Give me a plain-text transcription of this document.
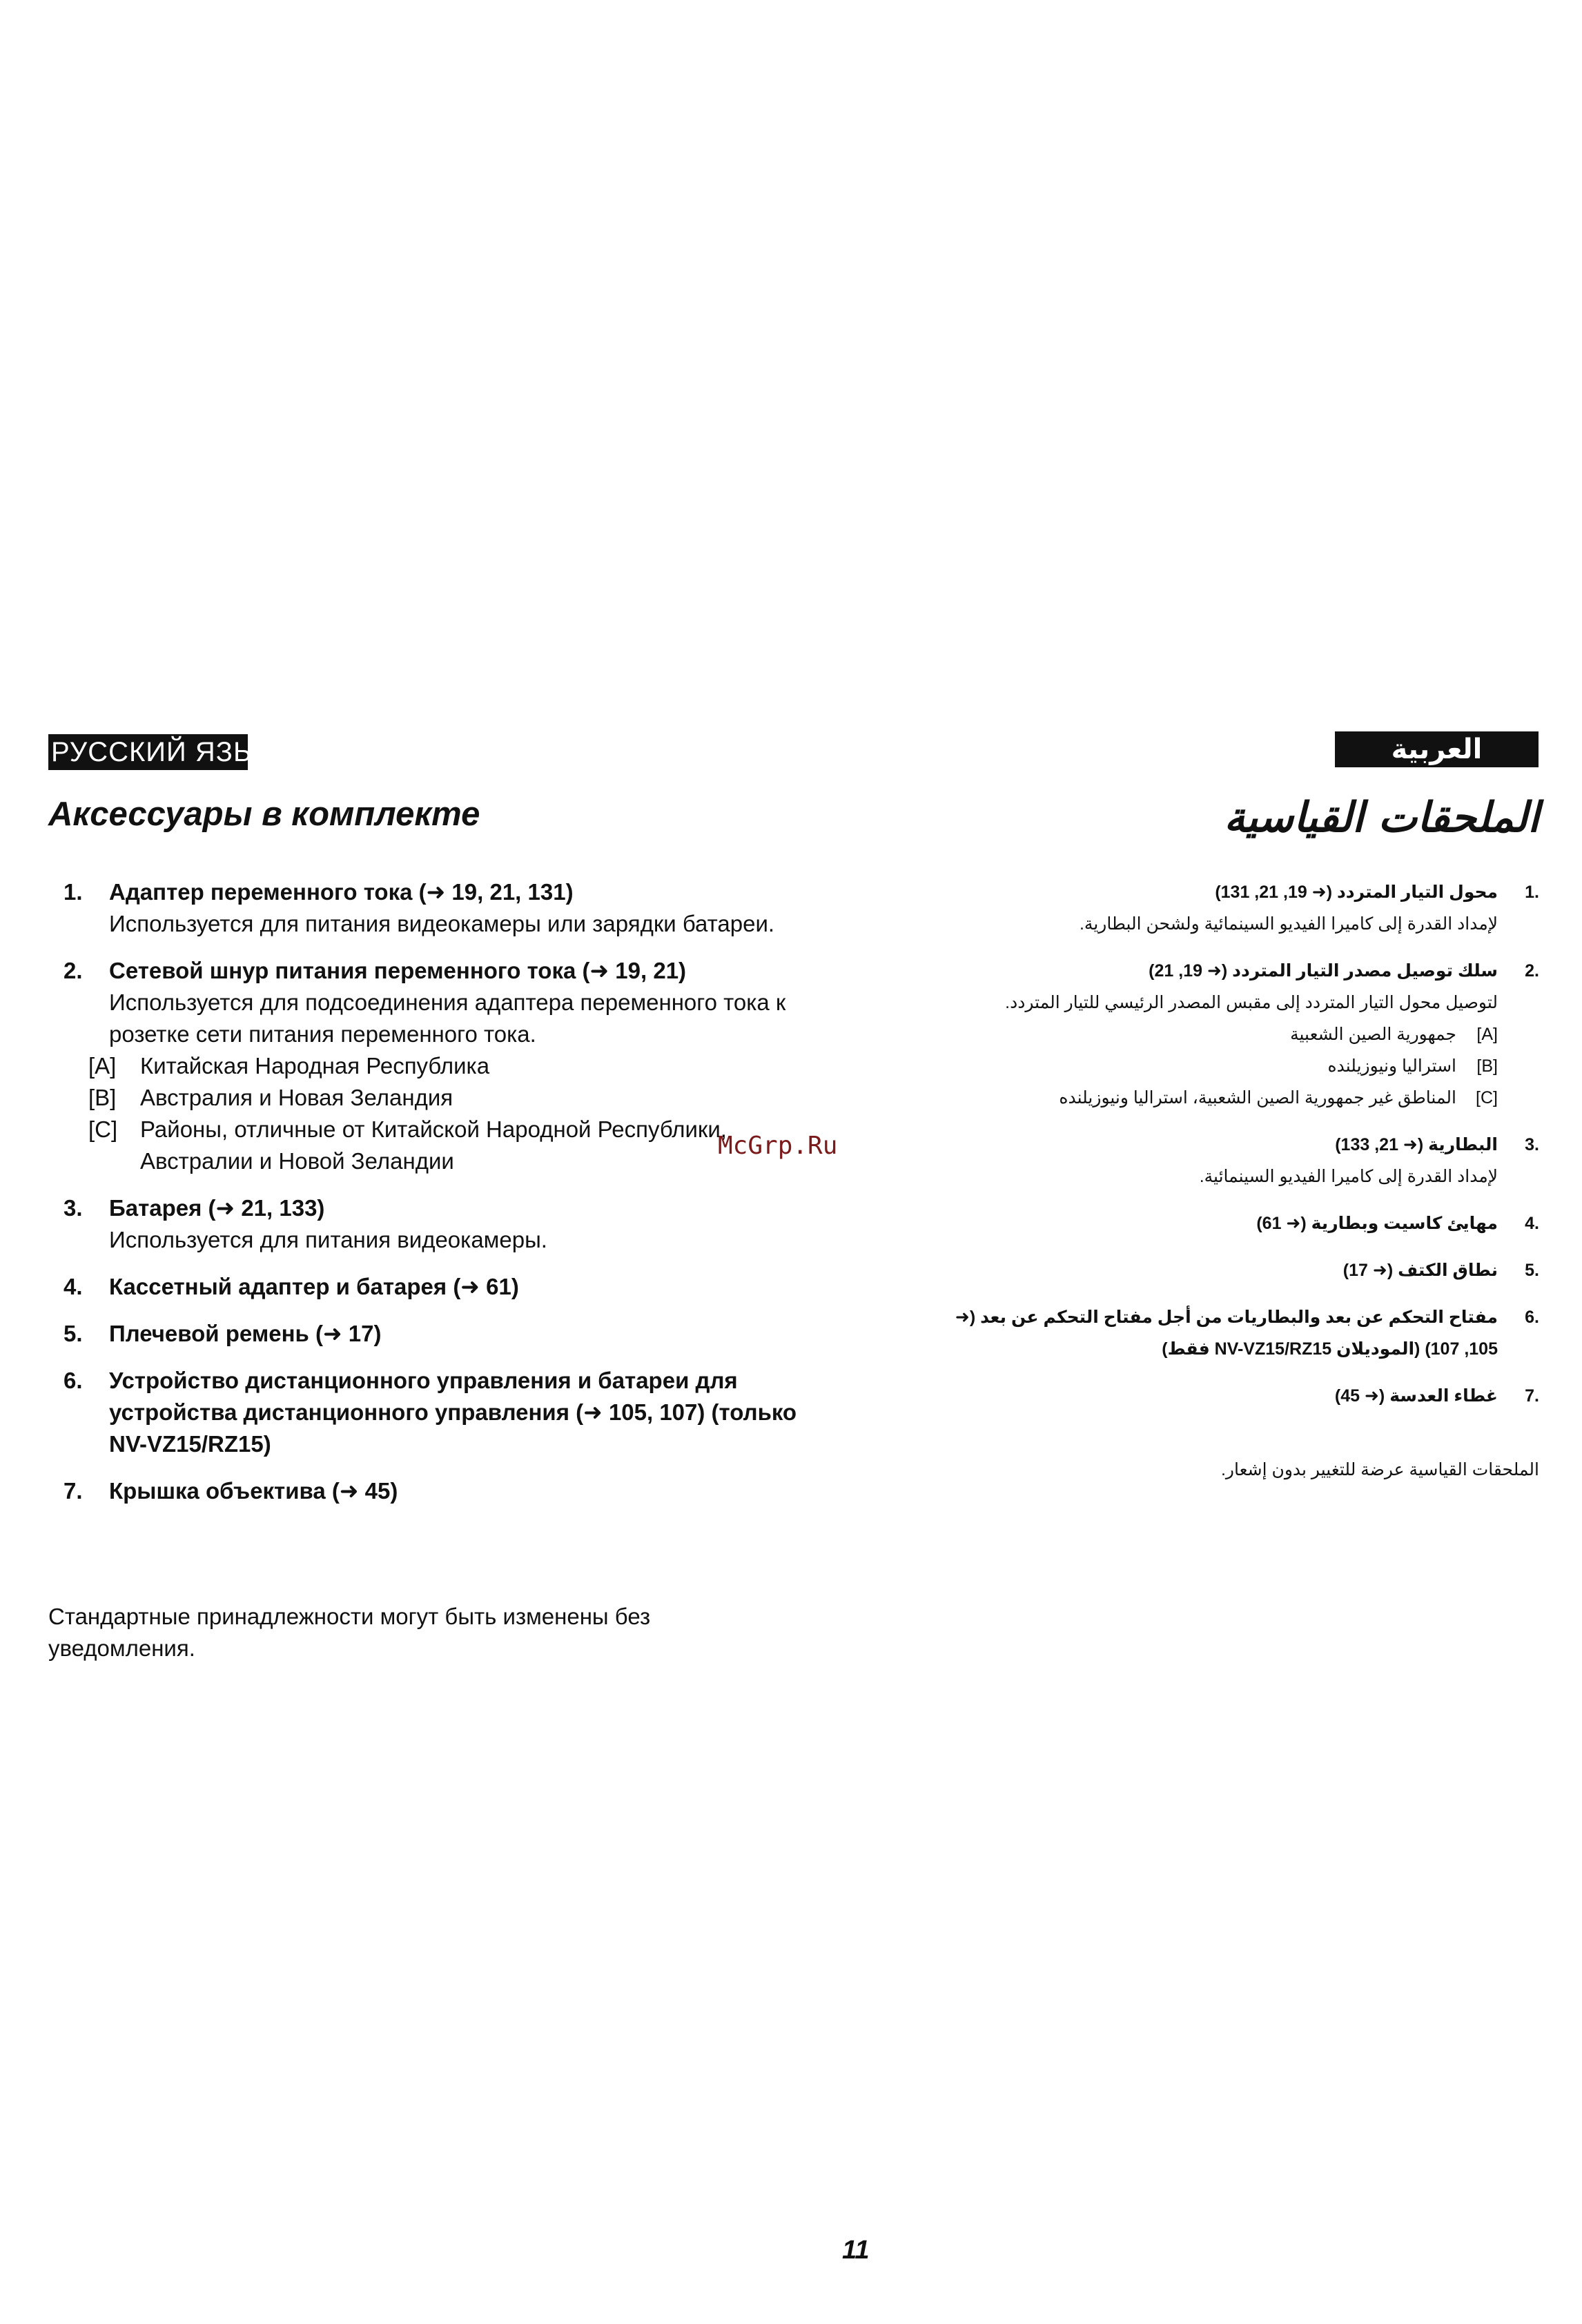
РУССКИЙ ЯЗЫК	العربية
Аксессуары в комплекте
1. Адаптер переменного тока (➜ 19, 21, 131)
Используется для питания видеокамеры или зарядки батареи.
2. Сетевой шнур питания переменного тока (➜ 19, 21)
Используется для подсоединения адаптера переменного тока к розетке сети питания переменного тока.
[A] Китайская Народная Республика
[B] Австралия и Новая Зеландия
[C] Районы, отличные от Китайской Народной Республики, Австралии и Новой Зеландии
3. Батарея (➜ 21, 133)
Используется для питания видеокамеры.
4. Кассетный адаптер и батарея (➜ 61)
5. Плечевой ремень (➜ 17)
6. Устройство дистанционного управления и батареи для устройства дистанционного управления (➜ 105, 107) (только NV-VZ15/RZ15)
7. Крышка объектива (➜ 45)
Стандартные принадлежности могут быть изменены без уведомления.
الملحقات القياسية
.1
محول التيار المتردد (➜ 19, 21, 131)
لإمداد القدرة إلى كاميرا الفيديو السينمائية ولشحن البطارية.
.2
سلك توصيل مصدر التيار المتردد (➜ 19, 21)
لتوصيل محول التيار المتردد إلى مقبس المصدر الرئيسي للتيار المتردد.
[A]
جمهورية الصين الشعبية
[B]
استراليا ونيوزيلنده
[C]
المناطق غير جمهورية الصين الشعبية، استراليا ونيوزيلنده
.3
البطارية (➜ 21, 133)
لإمداد القدرة إلى كاميرا الفيديو السينمائية.
.4
مهايئ كاسيت وبطارية (➜ 61)
.5
نطاق الكتف (➜ 17)
.6
مفتاح التحكم عن بعد والبطاريات من أجل مفتاح التحكم عن بعد (➜ 105, 107) (الموديلان NV-VZ15/RZ15 فقط)
.7
غطاء العدسة (➜ 45)
الملحقات القياسية عرضة للتغيير بدون إشعار.
McGrp.Ru
11
